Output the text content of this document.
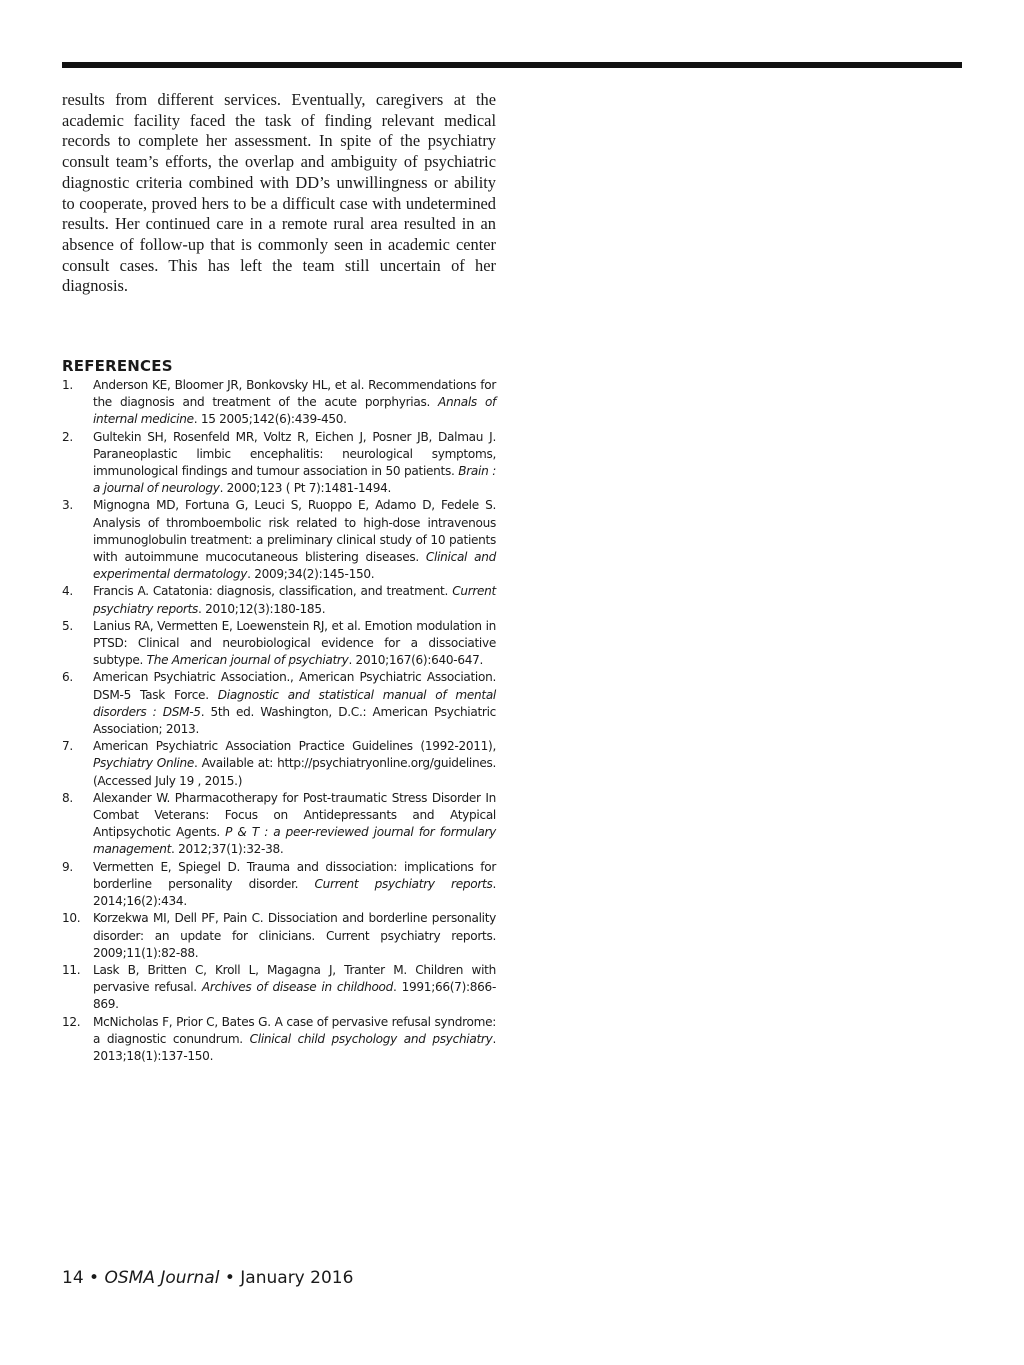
results from different services. Eventually, caregivers at the academic facility faced the task of finding relevant medical records to complete her assessment. In spite of the psychiatry consult team’s efforts, the overlap and ambiguity of psychiatric diagnostic criteria combined with DD’s unwillingness or ability to cooperate, proved hers to be a difficult case with undetermined results. Her continued care in a remote rural area resulted in an absence of follow-up that is commonly seen in academic center consult cases. This has left the team still uncertain of her diagnosis.

REFERENCES
1. Anderson KE, Bloomer JR, Bonkovsky HL, et al. Recommendations for the diagnosis and treatment of the acute porphyrias. Annals of internal medicine. 15 2005;142(6):439-450.
2. Gultekin SH, Rosenfeld MR, Voltz R, Eichen J, Posner JB, Dalmau J. Paraneoplastic limbic encephalitis: neurological symptoms, immunological findings and tumour association in 50 patients. Brain : a journal of neurology. 2000;123 ( Pt 7):1481-1494.
3. Mignogna MD, Fortuna G, Leuci S, Ruoppo E, Adamo D, Fedele S. Analysis of thromboembolic risk related to high-dose intravenous immunoglobulin treatment: a preliminary clinical study of 10 patients with autoimmune mucocutaneous blistering diseases. Clinical and experimental dermatology. 2009;34(2):145-150.
4. Francis A. Catatonia: diagnosis, classification, and treatment. Current psychiatry reports. 2010;12(3):180-185.
5. Lanius RA, Vermetten E, Loewenstein RJ, et al. Emotion modulation in PTSD: Clinical and neurobiological evidence for a dissociative subtype. The American journal of psychiatry. 2010;167(6):640-647.
6. American Psychiatric Association., American Psychiatric Association. DSM-5 Task Force. Diagnostic and statistical manual of mental disorders : DSM-5. 5th ed. Washington, D.C.: American Psychiatric Association; 2013.
7. American Psychiatric Association Practice Guidelines (1992-2011), Psychiatry Online. Available at: http://psychiatryonline.org/guidelines. (Accessed July 19 , 2015.)
8. Alexander W. Pharmacotherapy for Post-traumatic Stress Disorder In Combat Veterans: Focus on Antidepressants and Atypical Antipsychotic Agents. P & T : a peer-reviewed journal for formulary management. 2012;37(1):32-38.
9. Vermetten E, Spiegel D. Trauma and dissociation: implications for borderline personality disorder. Current psychiatry reports. 2014;16(2):434.
10. Korzekwa MI, Dell PF, Pain C. Dissociation and borderline personality disorder: an update for clinicians. Current psychiatry reports. 2009;11(1):82-88.
11. Lask B, Britten C, Kroll L, Magagna J, Tranter M. Children with pervasive refusal. Archives of disease in childhood. 1991;66(7):866-869.
12. McNicholas F, Prior C, Bates G. A case of pervasive refusal syndrome: a diagnostic conundrum. Clinical child psychology and psychiatry. 2013;18(1):137-150.
14 • OSMA Journal • January 2016
